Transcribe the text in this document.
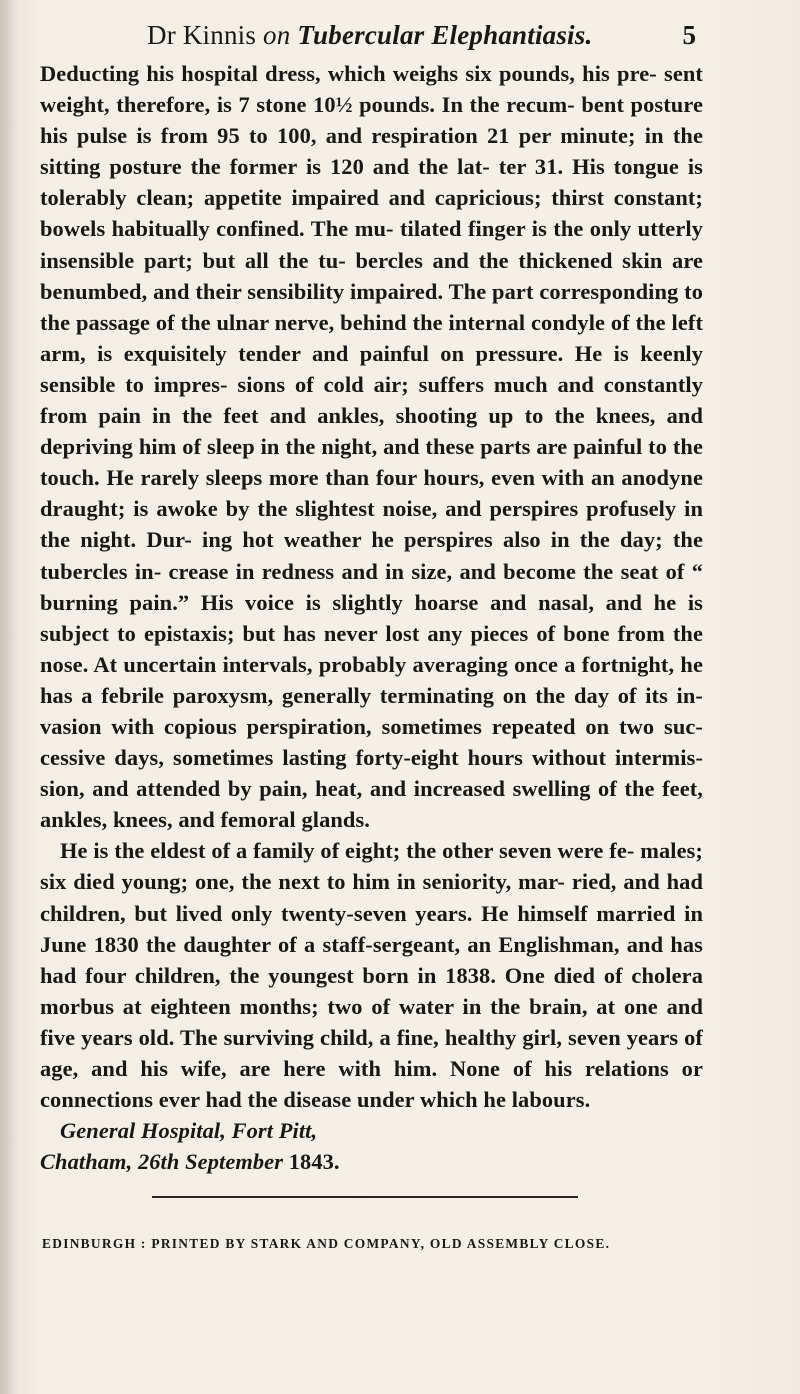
Dr Kinnis on Tubercular Elephantiasis.	5

Deducting his hospital dress, which weighs six pounds, his pre- sent weight, therefore, is 7 stone 10½ pounds. In the recum- bent posture his pulse is from 95 to 100, and respiration 21 per minute; in the sitting posture the former is 120 and the lat- ter 31. His tongue is tolerably clean; appetite impaired and capricious; thirst constant; bowels habitually confined. The mu- tilated finger is the only utterly insensible part; but all the tu- bercles and the thickened skin are benumbed, and their sensibility impaired. The part corresponding to the passage of the ulnar nerve, behind the internal condyle of the left arm, is exquisitely tender and painful on pressure. He is keenly sensible to impres- sions of cold air; suffers much and constantly from pain in the feet and ankles, shooting up to the knees, and depriving him of sleep in the night, and these parts are painful to the touch. He rarely sleeps more than four hours, even with an anodyne draught; is awoke by the slightest noise, and perspires profusely in the night. Dur- ing hot weather he perspires also in the day; the tubercles in- crease in redness and in size, and become the seat of “ burning pain.” His voice is slightly hoarse and nasal, and he is subject to epistaxis; but has never lost any pieces of bone from the nose. At uncertain intervals, probably averaging once a fortnight, he has a febrile paroxysm, generally terminating on the day of its in- vasion with copious perspiration, sometimes repeated on two suc- cessive days, sometimes lasting forty-eight hours without intermis- sion, and attended by pain, heat, and increased swelling of the feet, ankles, knees, and femoral glands.

He is the eldest of a family of eight; the other seven were fe- males; six died young; one, the next to him in seniority, mar- ried, and had children, but lived only twenty-seven years. He himself married in June 1830 the daughter of a staff-sergeant, an Englishman, and has had four children, the youngest born in 1838. One died of cholera morbus at eighteen months; two of water in the brain, at one and five years old. The surviving child, a fine, healthy girl, seven years of age, and his wife, are here with him. None of his relations or connections ever had the disease under which he labours.

General Hospital, Fort Pitt,

Chatham, 26th September 1843.

EDINBURGH : PRINTED BY STARK AND COMPANY, OLD ASSEMBLY CLOSE.
